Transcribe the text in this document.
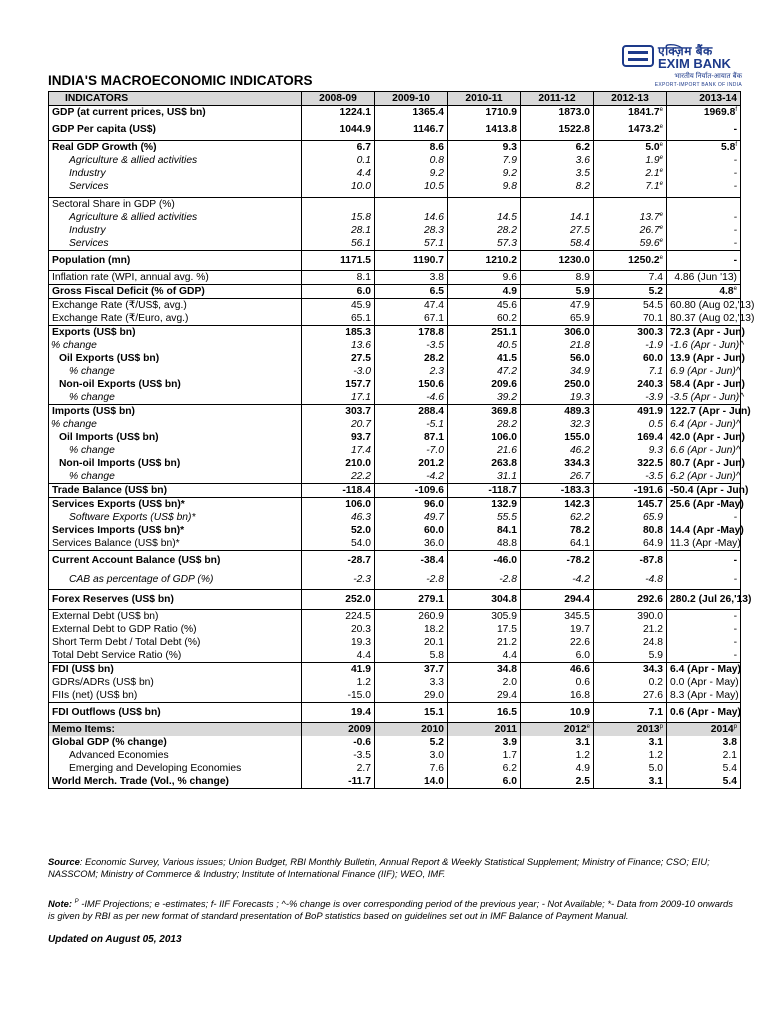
एक्ज़िम बैंक
EXIM BANK
भारतीय निर्यात-आयात बैंक
EXPORT-IMPORT BANK OF INDIA
INDIA'S MACROECONOMIC INDICATORS
INDICATORS	2008-09	2009-10	2010-11	2011-12	2012-13	2013-14
GDP (at current prices, US$ bn)	1224.1	1365.4	1710.9	1873.0	1841.7e	1969.8$^f$

GDP Per capita (US$)	1044.9	1146.7	1413.8	1522.8	1473.2e	-

Real GDP Growth (%)	6.7	8.6	9.3	6.2	5.0e	5.8$^f$
Agriculture & allied activities	0.1	0.8	7.9	3.6	1.9e	-
Industry	4.4	9.2	9.2	3.5	2.1e	-
Services	10.0	10.5	9.8	8.2	7.1e	-

Sectoral Share in GDP (%)						
Agriculture & allied activities	15.8	14.6	14.5	14.1	13.7e	-
Industry	28.1	28.3	28.2	27.5	26.7e	-
Services	56.1	57.1	57.3	58.4	59.6e	-
Population (mn)	1171.5	1190.7	1210.2	1230.0	1250.2e	-
Inflation rate (WPI, annual avg. %)	8.1	3.8	9.6	8.9	7.4	4.86 (Jun '13)
Gross Fiscal Deficit (% of GDP)	6.0	6.5	4.9	5.9	5.2	4.8e
Exchange Rate (₹/US$, avg.)	45.9	47.4	45.6	47.9	54.5	60.80 (Aug 02,'13)
Exchange Rate (₹/Euro, avg.)	65.1	67.1	60.2	65.9	70.1	80.37 (Aug 02,'13)
Exports (US$ bn)	185.3	178.8	251.1	306.0	300.3	72.3 (Apr - Jun)
% change	13.6	-3.5	40.5	21.8	-1.9	-1.6 (Apr - Jun)^
Oil Exports (US$ bn)	27.5	28.2	41.5	56.0	60.0	13.9 (Apr - Jun)
% change	-3.0	2.3	47.2	34.9	7.1	6.9 (Apr - Jun)^
Non-oil Exports (US$ bn)	157.7	150.6	209.6	250.0	240.3	58.4 (Apr - Jun)
% change	17.1	-4.6	39.2	19.3	-3.9	-3.5 (Apr - Jun)^
Imports (US$ bn)	303.7	288.4	369.8	489.3	491.9	122.7 (Apr - Jun)
% change	20.7	-5.1	28.2	32.3	0.5	6.4 (Apr - Jun)^
Oil Imports (US$ bn)	93.7	87.1	106.0	155.0	169.4	42.0 (Apr - Jun)
% change	17.4	-7.0	21.6	46.2	9.3	6.6 (Apr - Jun)^
Non-oil Imports (US$ bn)	210.0	201.2	263.8	334.3	322.5	80.7 (Apr - Jun)
% change	22.2	-4.2	31.1	26.7	-3.5	6.2 (Apr - Jun)^
Trade Balance (US$ bn)	-118.4	-109.6	-118.7	-183.3	-191.6	-50.4 (Apr - Jun)
Services Exports (US$ bn)*	106.0	96.0	132.9	142.3	145.7	25.6 (Apr -May)
Software Exports (US$ bn)*	46.3	49.7	55.5	62.2	65.9	-
Services Imports (US$ bn)*	52.0	60.0	84.1	78.2	80.8	14.4 (Apr -May)
Services Balance (US$ bn)*	54.0	36.0	48.8	64.1	64.9	11.3 (Apr -May)
Current Account Balance (US$ bn)	-28.7	-38.4	-46.0	-78.2	-87.8	-
CAB as percentage of GDP (%)	-2.3	-2.8	-2.8	-4.2	-4.8	-
Forex Reserves (US$ bn)	252.0	279.1	304.8	294.4	292.6	280.2 (Jul 26,'13)
External Debt (US$ bn)	224.5	260.9	305.9	345.5	390.0	-
External Debt to GDP Ratio (%)	20.3	18.2	17.5	19.7	21.2	-
Short Term Debt / Total Debt (%)	19.3	20.1	21.2	22.6	24.8	-
Total Debt Service Ratio (%)	4.4	5.8	4.4	6.0	5.9	-
FDI (US$ bn)	41.9	37.7	34.8	46.6	34.3	6.4 (Apr - May)
GDRs/ADRs (US$ bn)	1.2	3.3	2.0	0.6	0.2	0.0 (Apr - May)
FIIs (net) (US$ bn)	-15.0	29.0	29.4	16.8	27.6	8.3 (Apr - May)
FDI Outflows (US$ bn)	19.4	15.1	16.5	10.9	7.1	0.6 (Apr - May)
Memo Items:	2009	2010	2011	2012e	2013$^p$	2014$^p$
Global GDP (% change)	-0.6	5.2	3.9	3.1	3.1	3.8
Advanced Economies	-3.5	3.0	1.7	1.2	1.2	2.1
Emerging and Developing Economies	2.7	7.6	6.2	4.9	5.0	5.4
World Merch. Trade (Vol., % change)	-11.7	14.0	6.0	2.5	3.1	5.4
Source: Economic Survey, Various issues; Union Budget, RBI Monthly Bulletin, Annual Report & Weekly Statistical Supplement; Ministry of Finance; CSO; EIU; NASSCOM; Ministry of Commerce & Industry; Institute of International Finance (IIF); WEO, IMF.
Note: $^P$ -IMF Projections; e -estimates; f- IIF Forecasts ; ^-% change is over corresponding period of the previous year; - Not Available; *- Data from 2009-10 onwards is given by RBI as per new format of standard presentation of BoP statistics based on guidelines set out in IMF Balance of Payment Manual.
Updated on August 05, 2013
